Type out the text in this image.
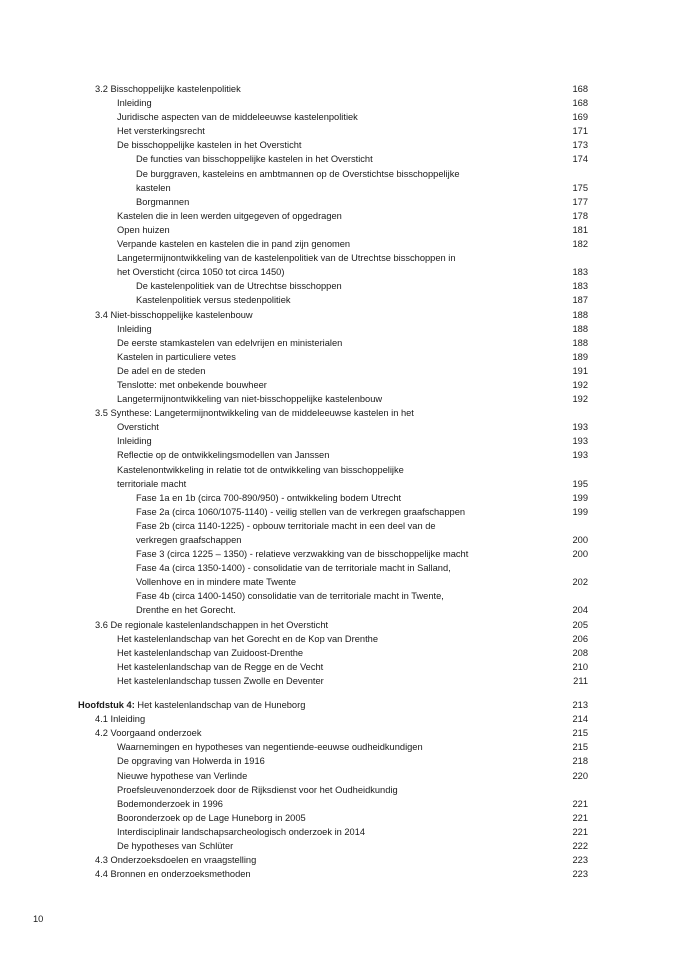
3.2 Bisschoppelijke kastelenpolitiek	168
Inleiding	168
Juridische aspecten van de middeleeuwse kastelenpolitiek	169
Het versterkingsrecht	171
De bisschoppelijke kastelen in het Oversticht	173
De functies van bisschoppelijke kastelen in het Oversticht	174
De burggraven, kasteleins en ambtmannen op de Overstichtse bisschoppelijke
kastelen	175
Borgmannen	177
Kastelen die in leen werden uitgegeven of opgedragen	178
Open huizen	181
Verpande kastelen en kastelen die in pand zijn genomen	182
Langetermijnontwikkeling van de kastelenpolitiek van de Utrechtse bisschoppen in
het Oversticht (circa 1050 tot circa 1450)	183
De kastelenpolitiek van de Utrechtse bisschoppen	183
Kastelenpolitiek versus stedenpolitiek	187
3.4 Niet-bisschoppelijke kastelenbouw	188
Inleiding	188
De eerste stamkastelen van edelvrijen en ministerialen	188
Kastelen in particuliere vetes	189
De adel en de steden	191
Tenslotte: met onbekende bouwheer	192
Langetermijnontwikkeling van niet-bisschoppelijke kastelenbouw	192
3.5 Synthese: Langetermijnontwikkeling van de middeleeuwse kastelen in het
Oversticht	193
Inleiding	193
Reflectie op de ontwikkelingsmodellen van Janssen	193
Kastelenontwikkeling in relatie tot de ontwikkeling van bisschoppelijke
territoriale macht	195
Fase 1a en 1b (circa 700-890/950) - ontwikkeling bodem Utrecht	199
Fase 2a (circa 1060/1075-1140) - veilig stellen van de verkregen graafschappen	199
Fase 2b (circa 1140-1225) - opbouw territoriale macht in een deel van de
verkregen graafschappen	200
Fase 3 (circa 1225 – 1350) - relatieve verzwakking van de bisschoppelijke macht	200
Fase 4a (circa 1350-1400) - consolidatie van de territoriale macht in Salland,
Vollenhove en in mindere mate Twente	202
Fase 4b (circa 1400-1450) consolidatie van de territoriale macht in Twente,
Drenthe en het Gorecht.	204
3.6 De regionale kastelenlandschappen in het Oversticht	205
Het kastelenlandschap van het Gorecht en de Kop van Drenthe	206
Het kastelenlandschap van Zuidoost-Drenthe	208
Het kastelenlandschap van de Regge en de Vecht	210
Het kastelenlandschap tussen Zwolle en Deventer	211
Hoofdstuk 4: Het kastelenlandschap van de Huneborg	213
4.1 Inleiding	214
4.2 Voorgaand onderzoek	215
Waarnemingen en hypotheses van negentiende-eeuwse oudheidkundigen	215
De opgraving van Holwerda in 1916	218
Nieuwe hypothese van Verlinde	220
Proefsleuvenonderzoek door de Rijksdienst voor het Oudheidkundig
Bodemonderzoek in 1996	221
Booronderzoek op de Lage Huneborg in 2005	221
Interdisciplinair landschapsarcheologisch onderzoek in 2014	221
De hypotheses van Schlüter	222
4.3 Onderzoeksdoelen en vraagstelling	223
4.4 Bronnen en onderzoeksmethoden	223
10
